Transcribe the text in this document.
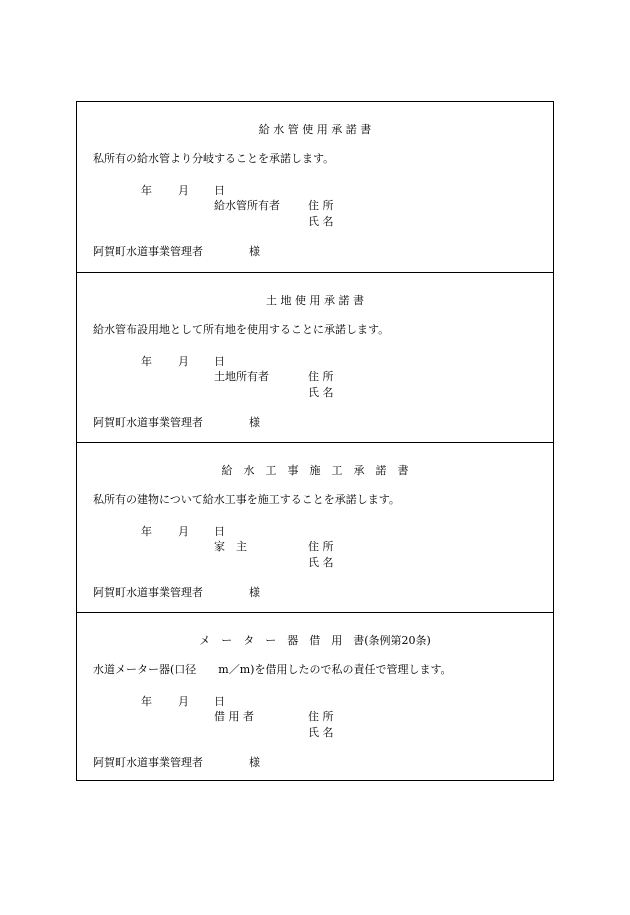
給 水 管 使 用 承 諾 書
私所有の給水管より分岐することを承諾します。
年 月 日
給水管所有者	住 所
氏 名
阿賀町水道事業管理者	様
土 地 使 用 承 諾 書
給水管布設用地として所有地を使用することに承諾します。
年 月 日
土地所有者	住 所
氏 名
阿賀町水道事業管理者	様
給　水　工　事　施　工　承　諾　書
私所有の建物について給水工事を施工することを承諾します。
年 月 日
家　主	住 所
氏 名
阿賀町水道事業管理者	様
メ　ー　タ　ー　器　借　用　書(条例第20条)
水道メーター器(口径　　m／m)を借用したので私の責任で管理します。
年 月 日
借 用 者	住 所
氏 名
阿賀町水道事業管理者	様
